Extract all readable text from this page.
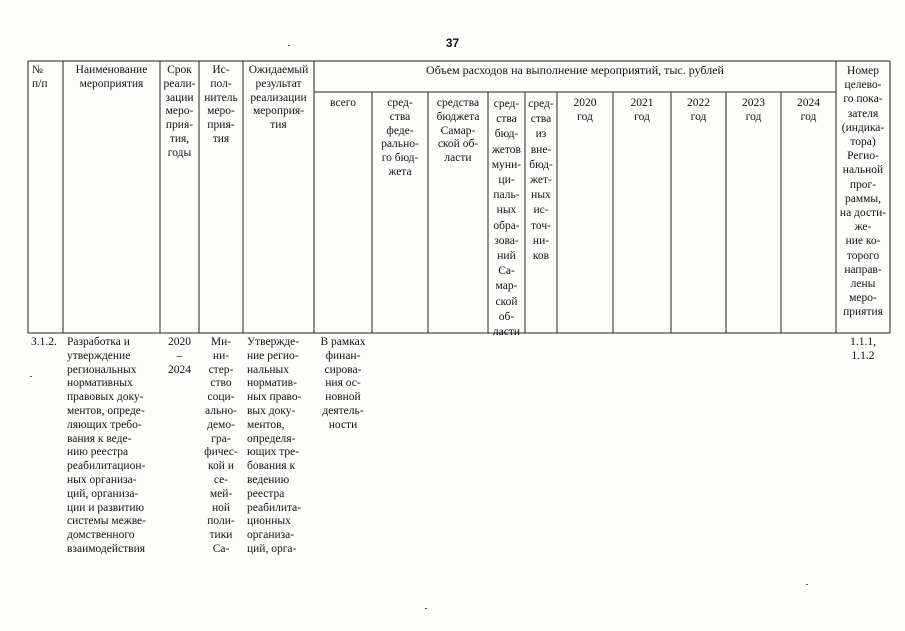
37
№
п/п
Наименование
мероприятия
Срок
реали-
зации
меро-
прия-
тия,
годы
Ис-
пол-
нитель
меро-
прия-
тия
Ожидаемый
результат
реализации
мероприя-
тия
Объем расходов на выполнение мероприятий, тыс. рублей
всего	сред-
ства
феде-
рально-
го бюд-
жета
средства
бюджета
Самар-
ской об-
ласти
сред-
ства
бюд-
жетов
муни-
ци-
паль-
ных
обра-
зова-
ний
Са-
мар-
ской
об-
ласти
сред-
ства
из
вне-
бюд-
жет-
ных
ис-
точ-
ни-
ков
2020
год
2021
год
2022
год
2023
год
2024
год
Номер
целево-
го пока-
зателя
(индика-
тора)
Регио-
нальной
прог-
раммы,
на дости-
же-
ние ко-
торого
направ-
лены
меро-
приятия
3.1.2. Разработка и
утверждение
региональных
нормативных
правовых доку-
ментов, опреде-
ляющих требо-
вания к веде-
нию реестра
реабилитацион-
ных организа-
ций, организа-
ции и развитию
системы межве-
домственного
взаимодействия
2020
–
2024
Ми-
ни-
стер-
ство
соци-
ально-
демо-
гра-
фичес-
кой и
се-
мей-
ной
поли-
тики
Са-
Утвержде-
ние регио-
нальных
норматив-
ных право-
вых доку-
ментов,
определя-
ющих тре-
бования к
ведению
реестра
реабилита-
ционных
организа-
ций, орга-
В рамках
финан-
сирова-
ния ос-
новной
деятель-
ности
1.1.1,
1.1.2
